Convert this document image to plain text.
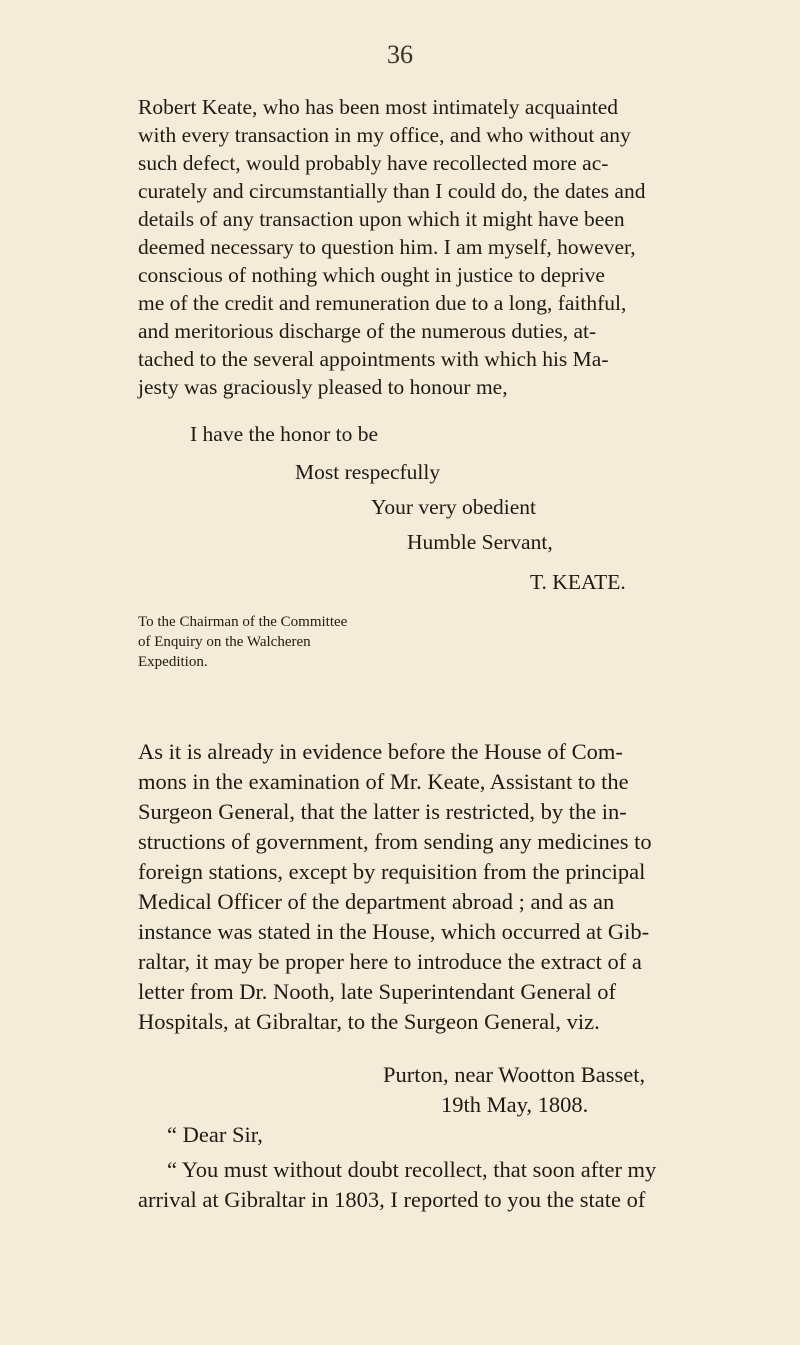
36
Robert Keate, who has been most intimately acquainted
with every transaction in my office, and who without any
such defect, would probably have recollected more ac-
curately and circumstantially than I could do, the dates and
details of any transaction upon which it might have been
deemed necessary to question him. I am myself, however,
conscious of nothing which ought in justice to deprive
me of the credit and remuneration due to a long, faithful,
and meritorious discharge of the numerous duties, at-
tached to the several appointments with which his Ma-
jesty was graciously pleased to honour me,
I have the honor to be
Most respecfully
Your very obedient
Humble Servant,
T. KEATE.
To the Chairman of the Committee
of Enquiry on the Walcheren
Expedition.
As it is already in evidence before the House of Com-
mons in the examination of Mr. Keate, Assistant to the
Surgeon General, that the latter is restricted, by the in-
structions of government, from sending any medicines to
foreign stations, except by requisition from the principal
Medical Officer of the department abroad ; and as an
instance was stated in the House, which occurred at Gib-
raltar, it may be proper here to introduce the extract of a
letter from Dr. Nooth, late Superintendant General of
Hospitals, at Gibraltar, to the Surgeon General, viz.
Purton, near Wootton Basset,
19th May, 1808.
“ Dear Sir,
“ You must without doubt recollect, that soon after my
arrival at Gibraltar in 1803, I reported to you the state of
